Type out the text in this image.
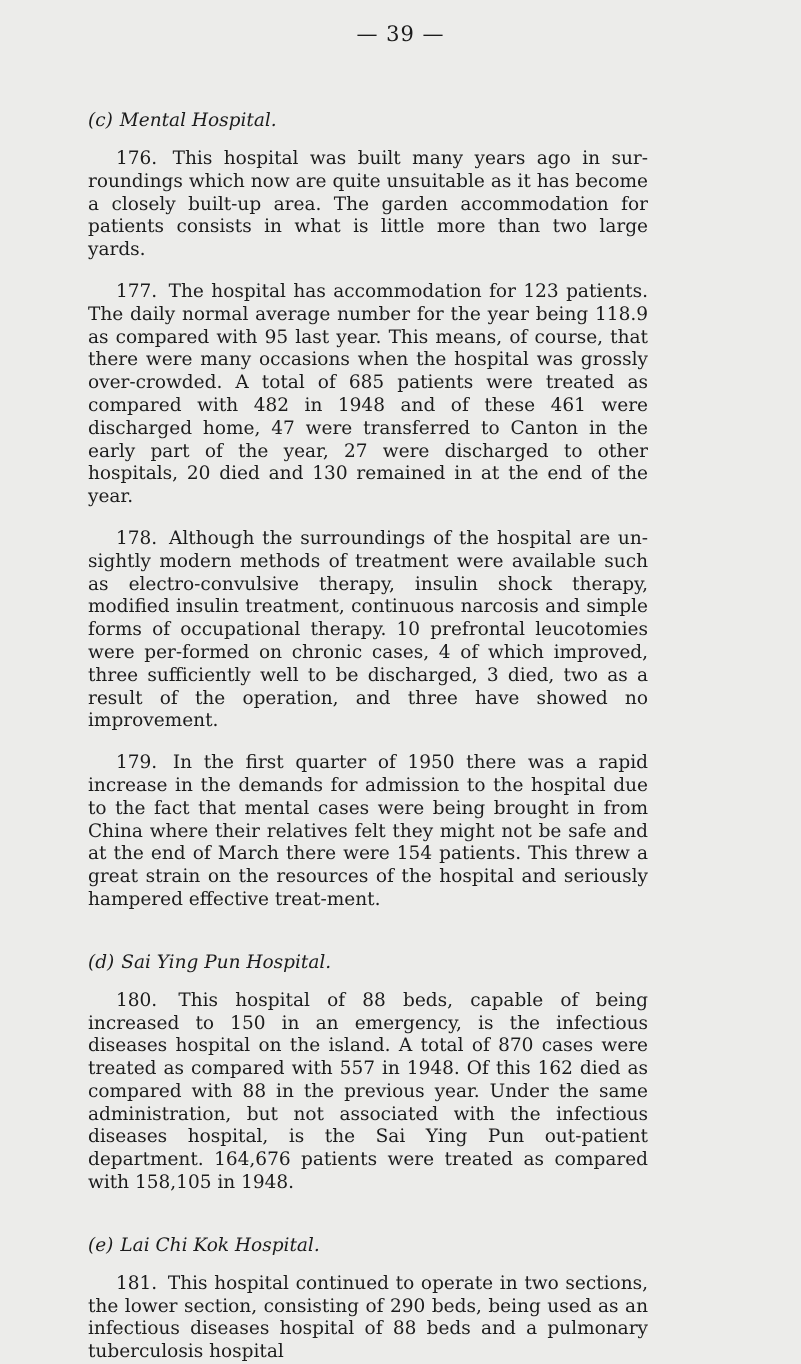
— 39 —
(c) Mental Hospital.

176. This hospital was built many years ago in sur-roundings which now are quite unsuitable as it has become a closely built-up area. The garden accommodation for patients consists in what is little more than two large yards.

177. The hospital has accommodation for 123 patients. The daily normal average number for the year being 118.9 as compared with 95 last year. This means, of course, that there were many occasions when the hospital was grossly over-crowded. A total of 685 patients were treated as compared with 482 in 1948 and of these 461 were discharged home, 47 were transferred to Canton in the early part of the year, 27 were discharged to other hospitals, 20 died and 130 remained in at the end of the year.

178. Although the surroundings of the hospital are un-sightly modern methods of treatment were available such as electro-convulsive therapy, insulin shock therapy, modified insulin treatment, continuous narcosis and simple forms of occupational therapy. 10 prefrontal leucotomies were per-formed on chronic cases, 4 of which improved, three sufficiently well to be discharged, 3 died, two as a result of the operation, and three have showed no improvement.

179. In the first quarter of 1950 there was a rapid increase in the demands for admission to the hospital due to the fact that mental cases were being brought in from China where their relatives felt they might not be safe and at the end of March there were 154 patients. This threw a great strain on the resources of the hospital and seriously hampered effective treat-ment.

(d) Sai Ying Pun Hospital.

180. This hospital of 88 beds, capable of being increased to 150 in an emergency, is the infectious diseases hospital on the island. A total of 870 cases were treated as compared with 557 in 1948. Of this 162 died as compared with 88 in the previous year. Under the same administration, but not associated with the infectious diseases hospital, is the Sai Ying Pun out-patient department. 164,676 patients were treated as compared with 158,105 in 1948.

(e) Lai Chi Kok Hospital.

181. This hospital continued to operate in two sections, the lower section, consisting of 290 beds, being used as an infectious diseases hospital of 88 beds and a pulmonary tuberculosis hospital
